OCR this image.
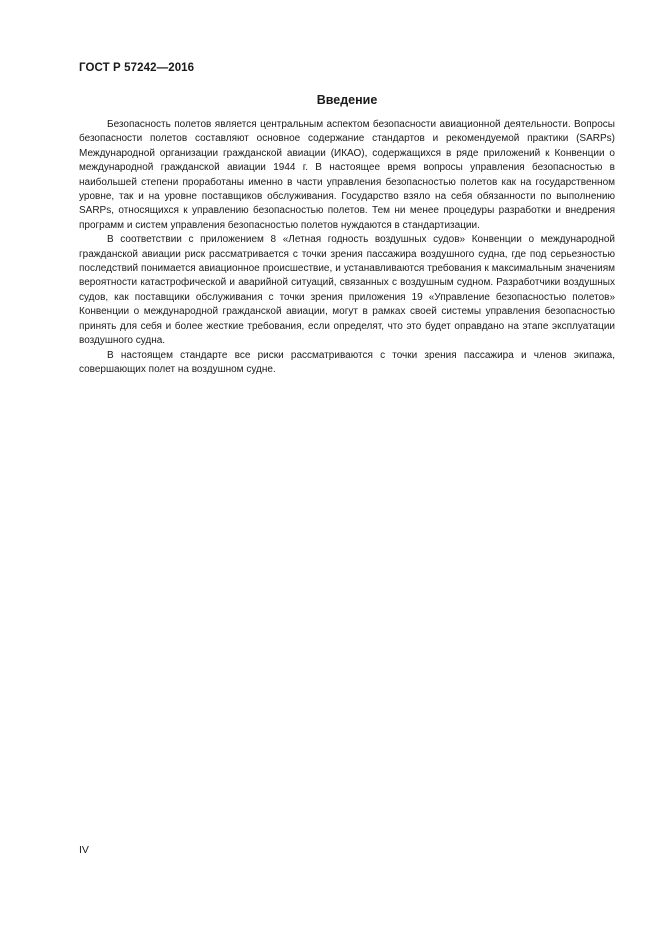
ГОСТ Р 57242—2016
Введение

Безопасность полетов является центральным аспектом безопасности авиационной деятельности. Вопросы безопасности полетов составляют основное содержание стандартов и рекомендуемой практики (SARPs) Международной организации гражданской авиации (ИКАО), содержащихся в ряде приложений к Конвенции о международной гражданской авиации 1944 г. В настоящее время вопросы управления безопасностью в наибольшей степени проработаны именно в части управления безопасностью полетов как на государственном уровне, так и на уровне поставщиков обслуживания. Государство взяло на себя обязанности по выполнению SARPs, относящихся к управлению безопасностью полетов. Тем ни менее процедуры разработки и внедрения программ и систем управления безопасностью полетов нуждаются в стандартизации.

В соответствии с приложением 8 «Летная годность воздушных судов» Конвенции о международной гражданской авиации риск рассматривается с точки зрения пассажира воздушного судна, где под серьезностью последствий понимается авиационное происшествие, и устанавливаются требования к максимальным значениям вероятности катастрофической и аварийной ситуаций, связанных с воздушным судном. Разработчики воздушных судов, как поставщики обслуживания с точки зрения приложения 19 «Управление безопасностью полетов» Конвенции о международной гражданской авиации, могут в рамках своей системы управления безопасностью принять для себя и более жесткие требования, если определят, что это будет оправдано на этапе эксплуатации воздушного судна.

В настоящем стандарте все риски рассматриваются с точки зрения пассажира и членов экипажа, совершающих полет на воздушном судне.

IV
